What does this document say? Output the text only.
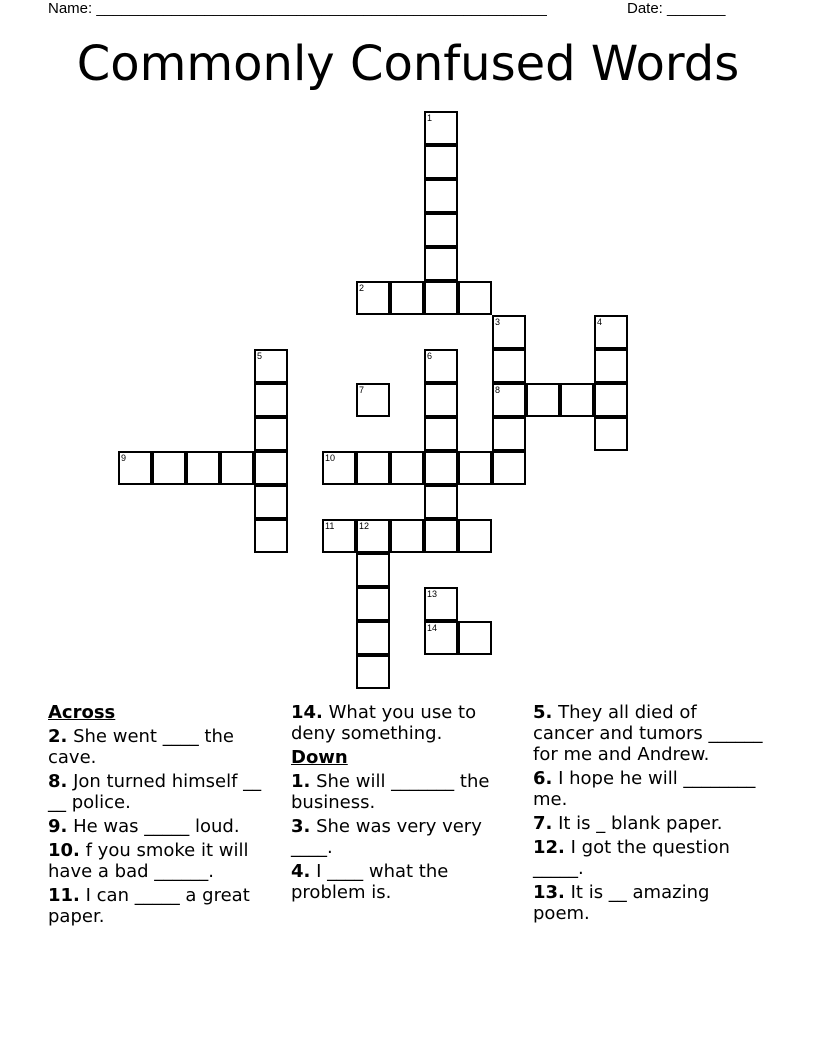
Name: ______________________________________________________	Date: _______
Commonly Confused Words
1
2
3	4
5	6
7	8
9	10
11	12
13
14
Across
2. She went ____ the cave.
8. Jon turned himself __ __ police.
9. He was _____ loud.
10. f you smoke it will have a bad ______.
11. I can _____ a great paper.
14. What you use to deny something.
Down
1. She will _______ the business.
3. She was very very ____.
4. I ____ what the problem is.
5. They all died of cancer and tumors ______ for me and Andrew.
6. I hope he will ________ me.
7. It is _ blank paper.
12. I got the question _____.
13. It is __ amazing poem.
